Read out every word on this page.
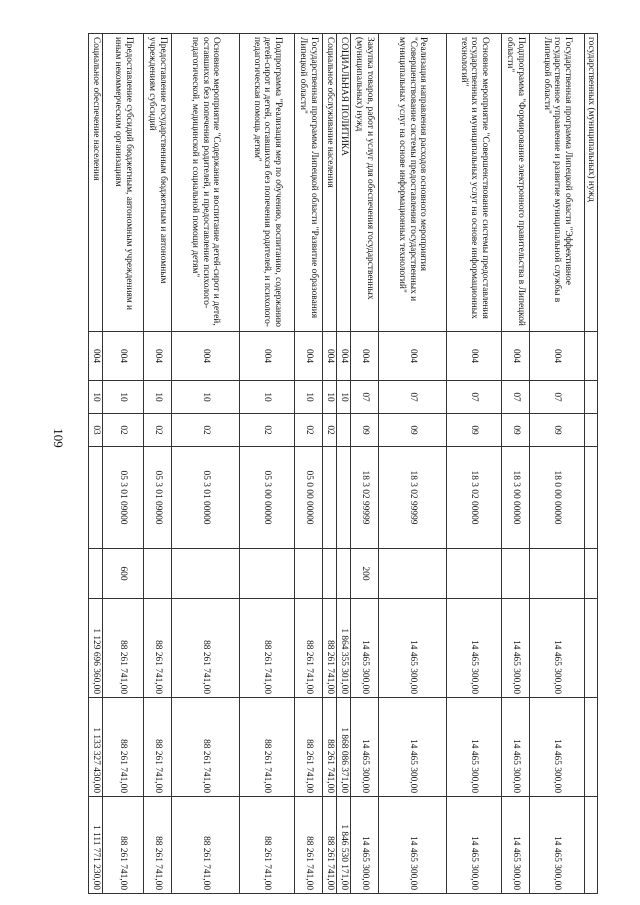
109
государственных (муниципальных) нужд								
Государственная программа Липецкой области "Эффективное государственное управление и развитие муниципальной службы в Липецкой области"	004	07	09	18 0 00 00000		14 465 300,00	14 465 300,00	14 465 300,00
Подпрограмма "Формирование электронного правительства в Липецкой области"	004	07	09	18 3 00 00000		14 465 300,00	14 465 300,00	14 465 300,00
Основное мероприятие "Совершенствование системы предоставления государственных и муниципальных услуг на основе информационных технологий"	004	07	09	18 3 02 00000		14 465 300,00	14 465 300,00	14 465 300,00
Реализация направления расходов основного мероприятия "Совершенствование системы предоставления государственных и муниципальных услуг на основе информационных технологий"	004	07	09	18 3 02 99999		14 465 300,00	14 465 300,00	14 465 300,00
Закупка товаров, работ и услуг для обеспечения государственных (муниципальных) нужд	004	07	09	18 3 02 99999	200	14 465 300,00	14 465 300,00	14 465 300,00
СОЦИАЛЬНАЯ ПОЛИТИКА	004	10				1 864 355 301,00	1 868 086 371,00	1 846 530 171,00
Социальное обслуживание населения	004	10	02			88 261 741,00	88 261 741,00	88 261 741,00
Государственная программа Липецкой области "Развитие образования Липецкой области"	004	10	02	05 0 00 00000		88 261 741,00	88 261 741,00	88 261 741,00
Подпрограмма "Реализация мер по обучению, воспитанию, содержанию детей-сирот и детей, оставшихся без попечения родителей, и психолого-педагогическая помощь детям"	004	10	02	05 3 00 00000		88 261 741,00	88 261 741,00	88 261 741,00
Основное мероприятие "Содержание и воспитание детей-сирот и детей, оставшихся без попечения родителей, и предоставление психолого-педагогической, медицинской и социальной помощи детям"	004	10	02	05 3 01 00000		88 261 741,00	88 261 741,00	88 261 741,00
Предоставление государственным бюджетным и автономным учреждениям субсидий	004	10	02	05 3 01 09000		88 261 741,00	88 261 741,00	88 261 741,00
Предоставление субсидий бюджетным, автономным учреждениям и иным некоммерческим организациям	004	10	02	05 3 01 09000	600	88 261 741,00	88 261 741,00	88 261 741,00
Социальное обеспечение населения	004	10	03			1 129 696 360,00	1 133 327 430,00	1 111 771 230,00
